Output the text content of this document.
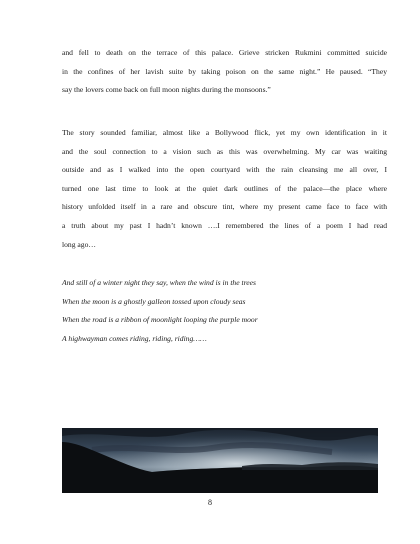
and fell to death on the terrace of this palace. Grieve stricken Rukmini committed suicide
in the confines of her lavish suite by taking poison on the same night.” He paused. “They
say the lovers come back on full moon nights during the monsoons.”

The story sounded familiar, almost like a Bollywood flick, yet my own identification in it
and the soul connection to a vision such as this was overwhelming. My car was waiting
outside and as I walked into the open courtyard with the rain cleansing me all over, I
turned one last time to look at the quiet dark outlines of the palace—the place where
history unfolded itself in a rare and obscure tint, where my present came face to face with
a truth about my past I hadn’t known ….I remembered the lines of a poem I had read
long ago…

And still of a winter night they say, when the wind is in the trees
When the moon is a ghostly galleon tossed upon cloudy seas
When the road is a ribbon of moonlight looping the purple moor
A highwayman comes riding, riding, riding……

8
